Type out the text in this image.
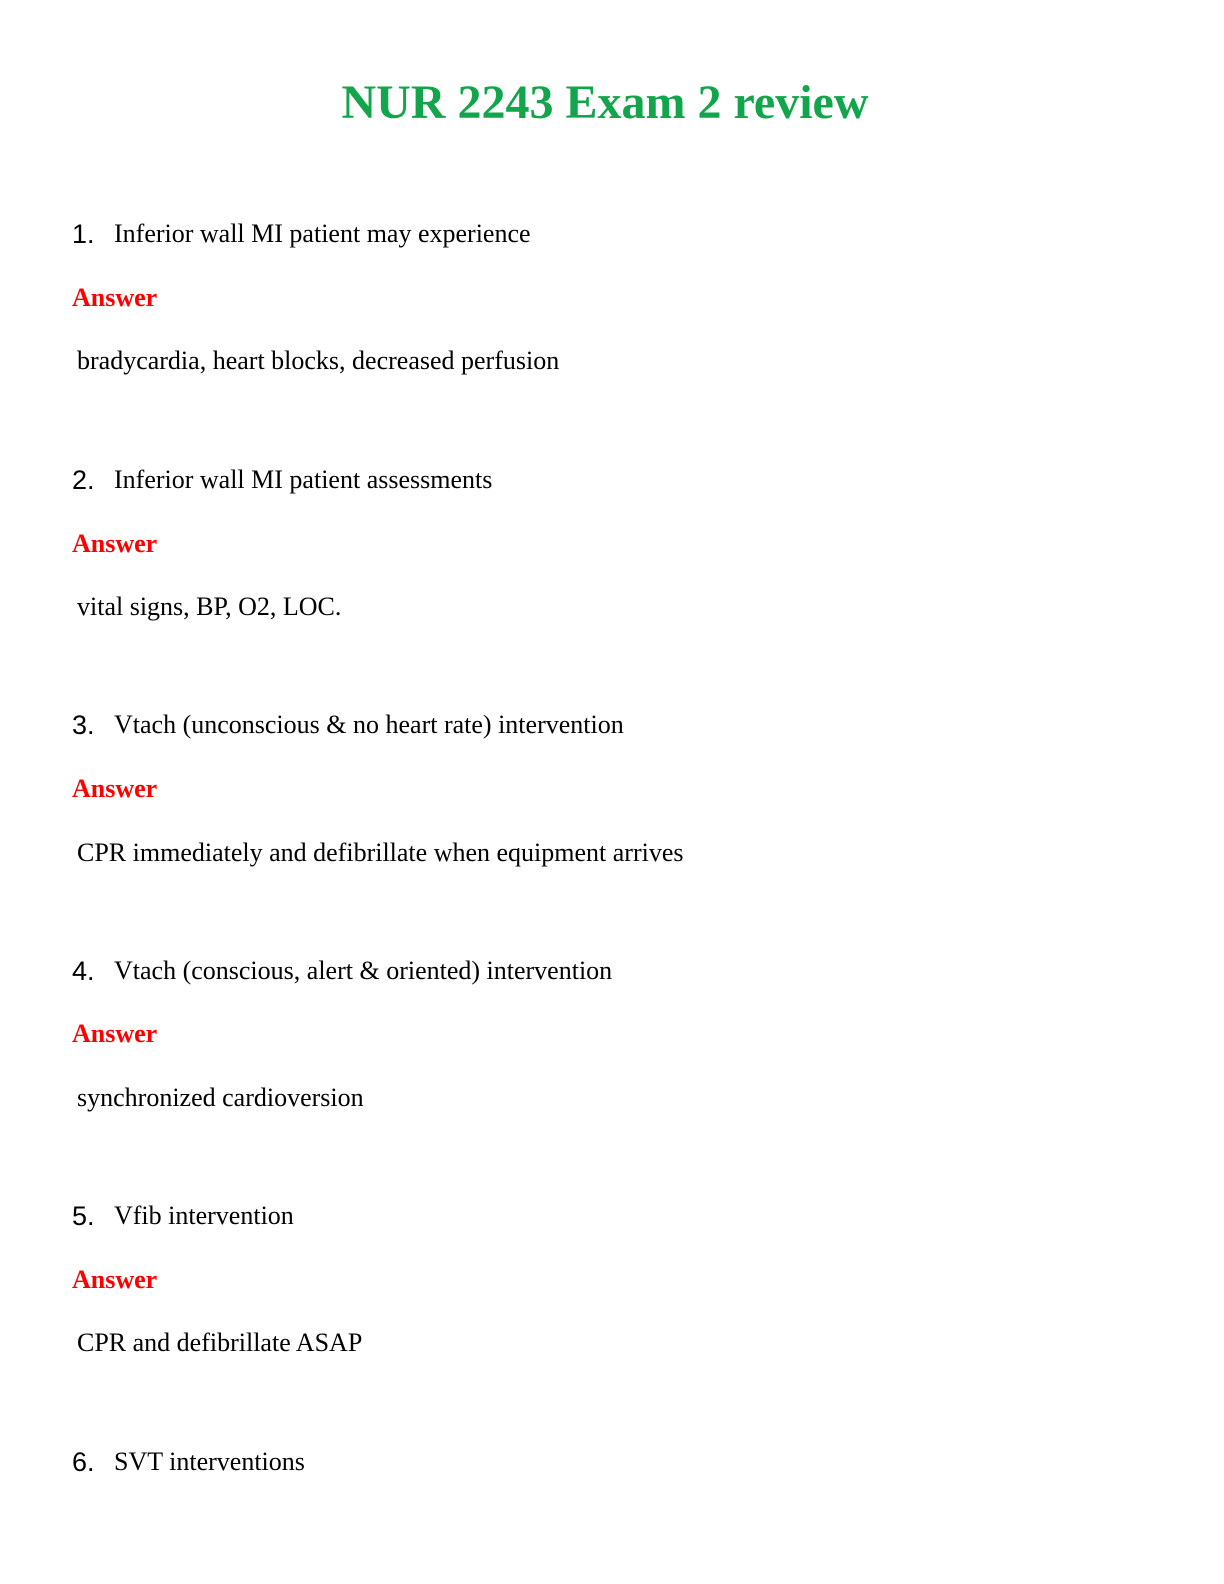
NUR 2243 Exam 2 review
1. Inferior wall MI patient may experience
Answer
bradycardia, heart blocks, decreased perfusion
2. Inferior wall MI patient assessments
Answer
vital signs, BP, O2, LOC.
3. Vtach (unconscious & no heart rate) intervention
Answer
CPR immediately and defibrillate when equipment arrives
4. Vtach (conscious, alert & oriented) intervention
Answer
synchronized cardioversion
5. Vfib intervention
Answer
CPR and defibrillate ASAP
6. SVT interventions
